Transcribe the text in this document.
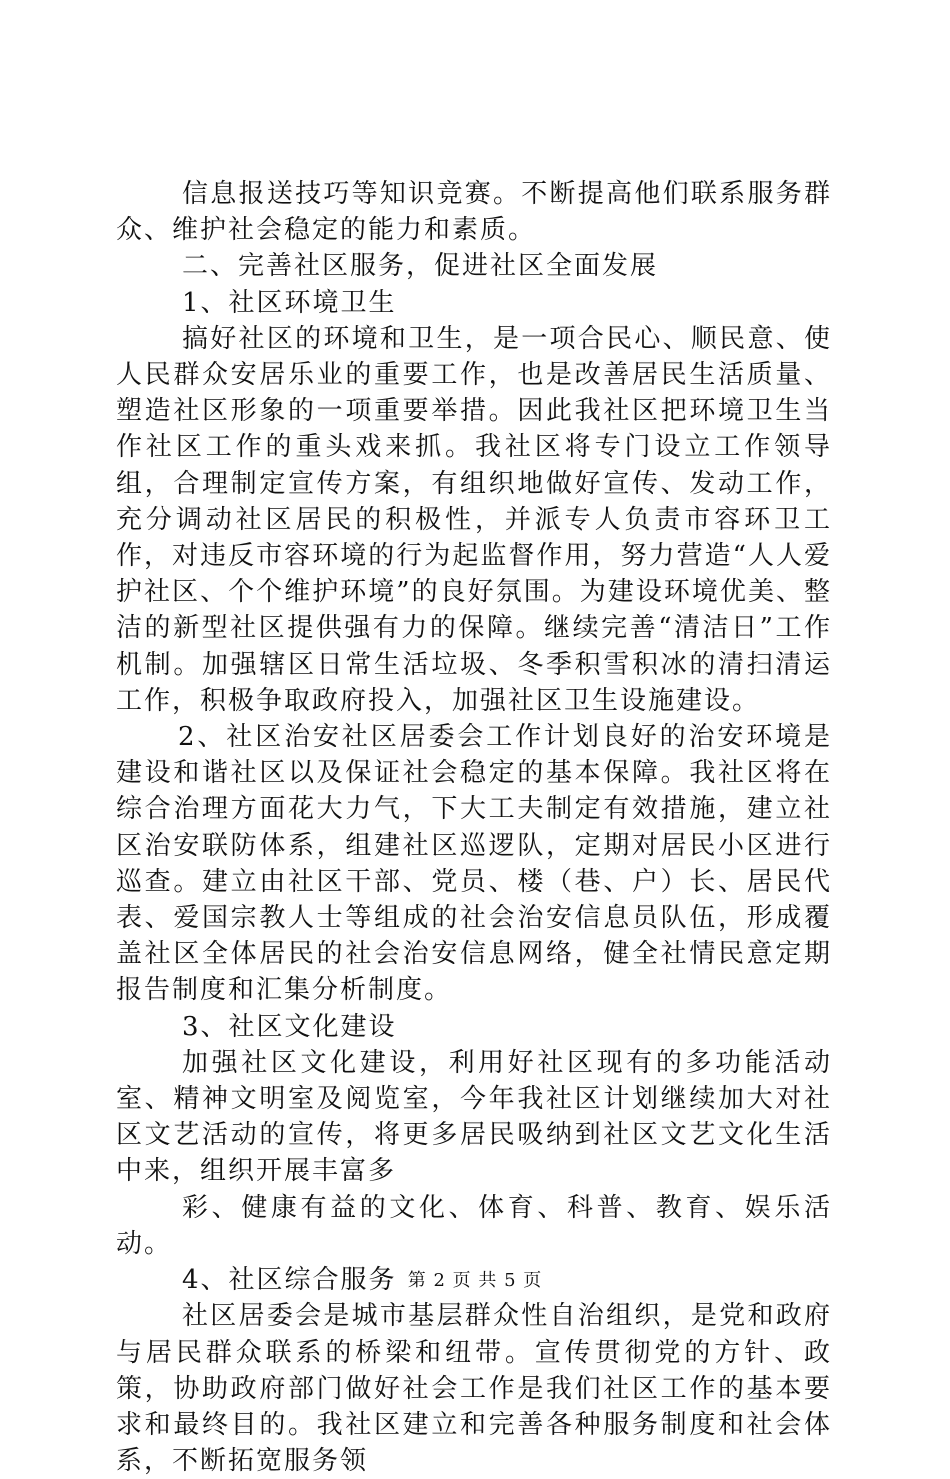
信息报送技巧等知识竞赛。不断提高他们联系服务群众、维护社会稳定的能力和素质。

二、完善社区服务，促进社区全面发展

1、社区环境卫生

搞好社区的环境和卫生，是一项合民心、顺民意、使人民群众安居乐业的重要工作，也是改善居民生活质量、塑造社区形象的一项重要举措。因此我社区把环境卫生当作社区工作的重头戏来抓。我社区将专门设立工作领导组，合理制定宣传方案，有组织地做好宣传、发动工作，充分调动社区居民的积极性，并派专人负责市容环卫工作，对违反市容环境的行为起监督作用，努力营造“人人爱护社区、个个维护环境”的良好氛围。为建设环境优美、整洁的新型社区提供强有力的保障。继续完善“清洁日”工作机制。加强辖区日常生活垃圾、冬季积雪积冰的清扫清运工作，积极争取政府投入，加强社区卫生设施建设。

2、社区治安社区居委会工作计划良好的治安环境是建设和谐社区以及保证社会稳定的基本保障。我社区将在综合治理方面花大力气，下大工夫制定有效措施，建立社区治安联防体系，组建社区巡逻队，定期对居民小区进行巡查。建立由社区干部、党员、楼（巷、户）长、居民代表、爱国宗教人士等组成的社会治安信息员队伍，形成覆盖社区全体居民的社会治安信息网络，健全社情民意定期报告制度和汇集分析制度。

3、社区文化建设

加强社区文化建设，利用好社区现有的多功能活动室、精神文明室及阅览室，今年我社区计划继续加大对社区文艺活动的宣传，将更多居民吸纳到社区文艺文化生活中来，组织开展丰富多

彩、健康有益的文化、体育、科普、教育、娱乐活动。

4、社区综合服务

社区居委会是城市基层群众性自治组织，是党和政府与居民群众联系的桥梁和纽带。宣传贯彻党的方针、政策，协助政府部门做好社会工作是我们社区工作的基本要求和最终目的。我社区建立和完善各种服务制度和社会体系，不断拓宽服务领

第 2 页 共 5 页
